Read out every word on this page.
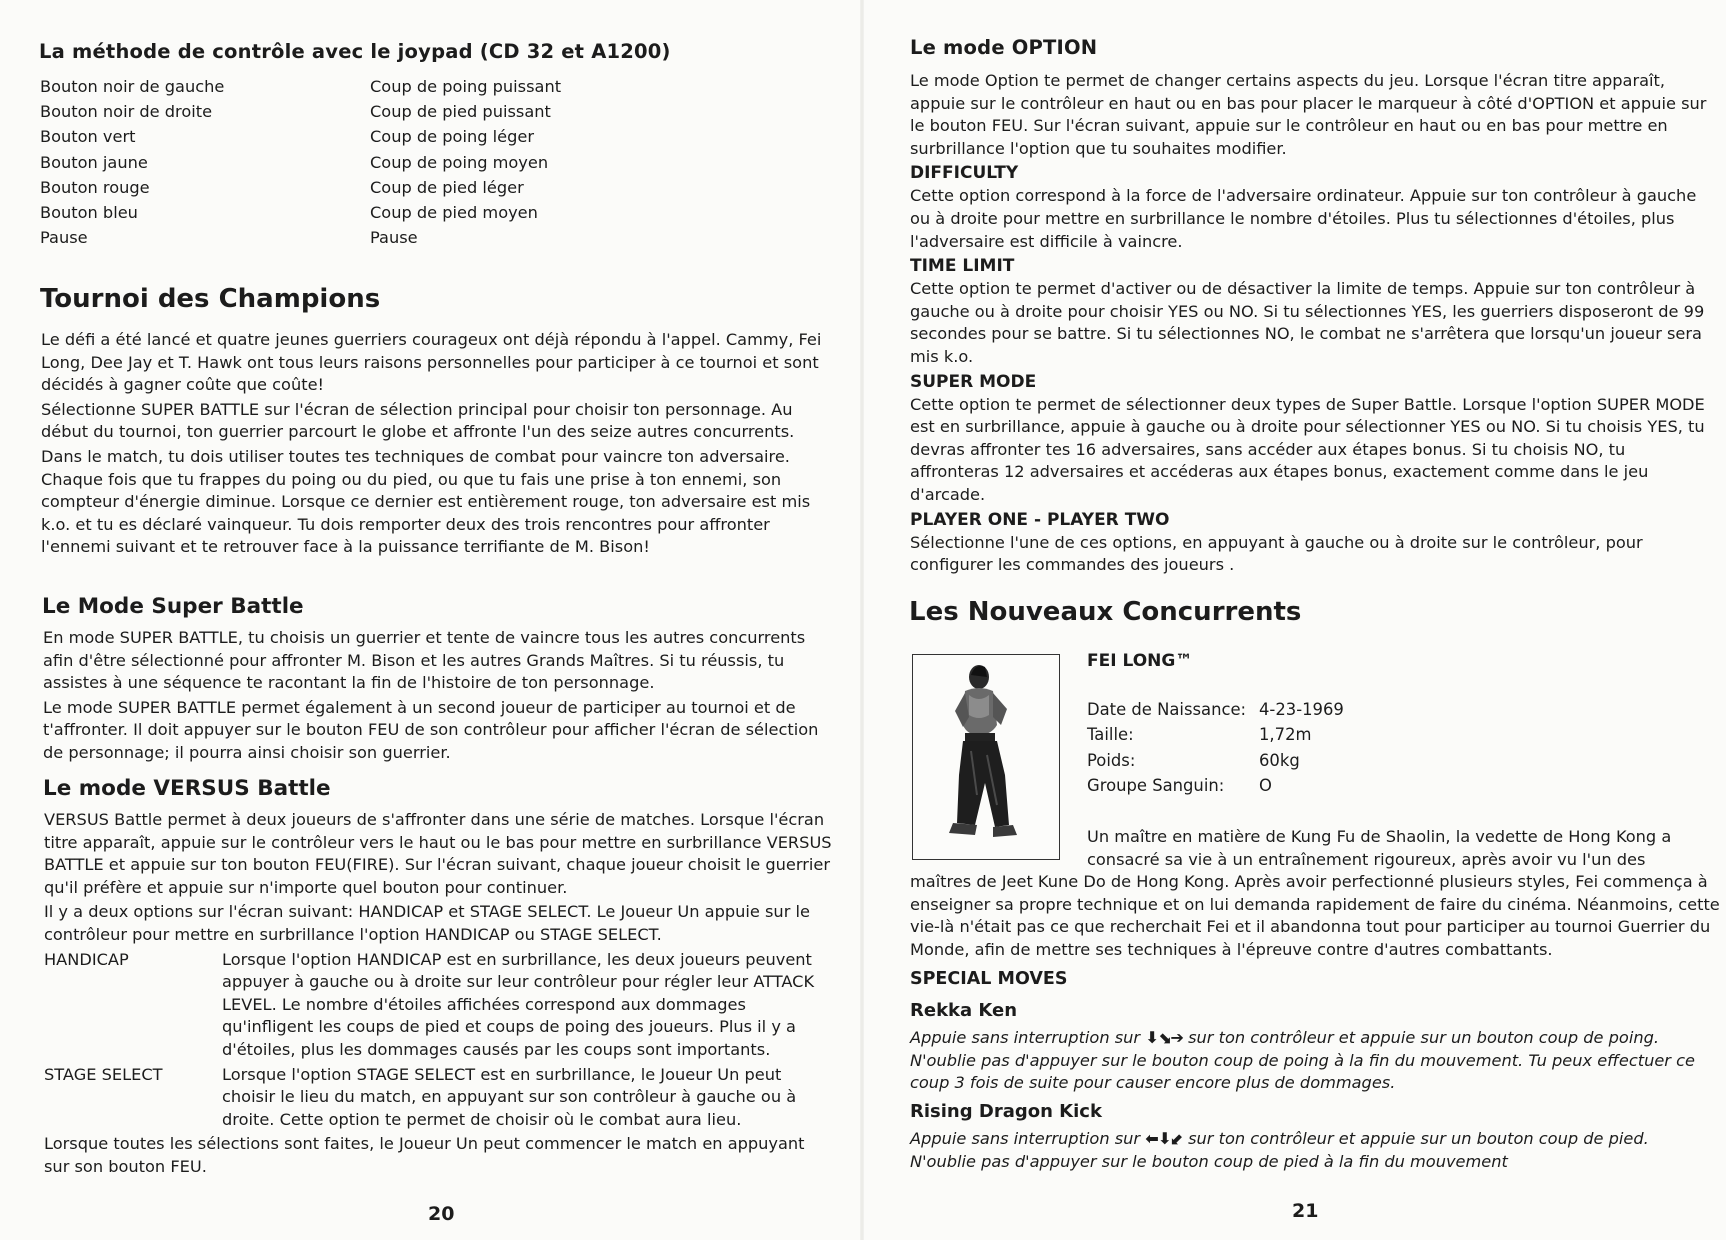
La méthode de contrôle avec le joypad (CD 32 et A1200)
Bouton noir de gauche	Coup de poing puissant
Bouton noir de droite	Coup de pied puissant
Bouton vert	Coup de poing léger
Bouton jaune	Coup de poing moyen
Bouton rouge	Coup de pied léger
Bouton bleu	Coup de pied moyen
Pause	Pause
Tournoi des Champions

Le défi a été lancé et quatre jeunes guerriers courageux ont déjà répondu à l'appel. Cammy, Fei Long, Dee Jay et T. Hawk ont tous leurs raisons personnelles pour participer à ce tournoi et sont décidés à gagner coûte que coûte!

Sélectionne SUPER BATTLE sur l'écran de sélection principal pour choisir ton personnage. Au début du tournoi, ton guerrier parcourt le globe et affronte l'un des seize autres concurrents.

Dans le match, tu dois utiliser toutes tes techniques de combat pour vaincre ton adversaire. Chaque fois que tu frappes du poing ou du pied, ou que tu fais une prise à ton ennemi, son compteur d'énergie diminue. Lorsque ce dernier est entièrement rouge, ton adversaire est mis k.o. et tu es déclaré vainqueur. Tu dois remporter deux des trois rencontres pour affronter l'ennemi suivant et te retrouver face à la puissance terrifiante de M. Bison!

Le Mode Super Battle

En mode SUPER BATTLE, tu choisis un guerrier et tente de vaincre tous les autres concurrents afin d'être sélectionné pour affronter M. Bison et les autres Grands Maîtres. Si tu réussis, tu assistes à une séquence te racontant la fin de l'histoire de ton personnage.

Le mode SUPER BATTLE permet également à un second joueur de participer au tournoi et de t'affronter. Il doit appuyer sur le bouton FEU de son contrôleur pour afficher l'écran de sélection de personnage; il pourra ainsi choisir son guerrier.

Le mode VERSUS Battle

VERSUS Battle permet à deux joueurs de s'affronter dans une série de matches. Lorsque l'écran titre apparaît, appuie sur le contrôleur vers le haut ou le bas pour mettre en surbrillance VERSUS BATTLE et appuie sur ton bouton FEU(FIRE). Sur l'écran suivant, chaque joueur choisit le guerrier qu'il préfère et appuie sur n'importe quel bouton pour continuer.

Il y a deux options sur l'écran suivant: HANDICAP et STAGE SELECT. Le Joueur Un appuie sur le contrôleur pour mettre en surbrillance l'option HANDICAP ou STAGE SELECT.

HANDICAP	Lorsque l'option HANDICAP est en surbrillance, les deux joueurs peuvent appuyer à gauche ou à droite sur leur contrôleur pour régler leur ATTACK LEVEL. Le nombre d'étoiles affichées correspond aux dommages qu'infligent les coups de pied et coups de poing des joueurs. Plus il y a d'étoiles, plus les dommages causés par les coups sont importants.
STAGE SELECT	Lorsque l'option STAGE SELECT est en surbrillance, le Joueur Un peut choisir le lieu du match, en appuyant sur son contrôleur à gauche ou à droite. Cette option te permet de choisir où le combat aura lieu.

Lorsque toutes les sélections sont faites, le Joueur Un peut commencer le match en appuyant sur son bouton FEU.

20
Le mode OPTION

Le mode Option te permet de changer certains aspects du jeu. Lorsque l'écran titre apparaît, appuie sur le contrôleur en haut ou en bas pour placer le marqueur à côté d'OPTION et appuie sur le bouton FEU. Sur l'écran suivant, appuie sur le contrôleur en haut ou en bas pour mettre en surbrillance l'option que tu souhaites modifier.

DIFFICULTY

Cette option correspond à la force de l'adversaire ordinateur. Appuie sur ton contrôleur à gauche ou à droite pour mettre en surbrillance le nombre d'étoiles. Plus tu sélectionnes d'étoiles, plus l'adversaire est difficile à vaincre.

TIME LIMIT

Cette option te permet d'activer ou de désactiver la limite de temps. Appuie sur ton contrôleur à gauche ou à droite pour choisir YES ou NO. Si tu sélectionnes YES, les guerriers disposeront de 99 secondes pour se battre. Si tu sélectionnes NO, le combat ne s'arrêtera que lorsqu'un joueur sera mis k.o.

SUPER MODE

Cette option te permet de sélectionner deux types de Super Battle. Lorsque l'option SUPER MODE est en surbrillance, appuie à gauche ou à droite pour sélectionner YES ou NO. Si tu choisis YES, tu devras affronter tes 16 adversaires, sans accéder aux étapes bonus. Si tu choisis NO, tu affronteras 12 adversaires et accéderas aux étapes bonus, exactement comme dans le jeu d'arcade.

PLAYER ONE - PLAYER TWO

Sélectionne l'une de ces options, en appuyant à gauche ou à droite sur le contrôleur, pour configurer les commandes des joueurs .

Les Nouveaux Concurrents
FEI LONG™
Date de Naissance: 4-23-1969
Taille:	1,72m
Poids:	60kg
Groupe Sanguin: O

Un maître en matière de Kung Fu de Shaolin, la vedette de Hong Kong a consacré sa vie à un entraînement rigoureux, après avoir vu l'un des

maîtres de Jeet Kune Do de Hong Kong. Après avoir perfectionné plusieurs styles, Fei commença à enseigner sa propre technique et on lui demanda rapidement de faire du cinéma. Néanmoins, cette vie-là n'était pas ce que recherchait Fei et il abandonna tout pour participer au tournoi Guerrier du Monde, afin de mettre ses techniques à l'épreuve contre d'autres combattants.

SPECIAL MOVES
Rekka Ken

Appuie sans interruption sur ⬇⬊➔ sur ton contrôleur et appuie sur un bouton coup de poing. N'oublie pas d'appuyer sur le bouton coup de poing à la fin du mouvement. Tu peux effectuer ce coup 3 fois de suite pour causer encore plus de dommages.

Rising Dragon Kick

Appuie sans interruption sur ⬅⬇⬋ sur ton contrôleur et appuie sur un bouton coup de pied. N'oublie pas d'appuyer sur le bouton coup de pied à la fin du mouvement

21
